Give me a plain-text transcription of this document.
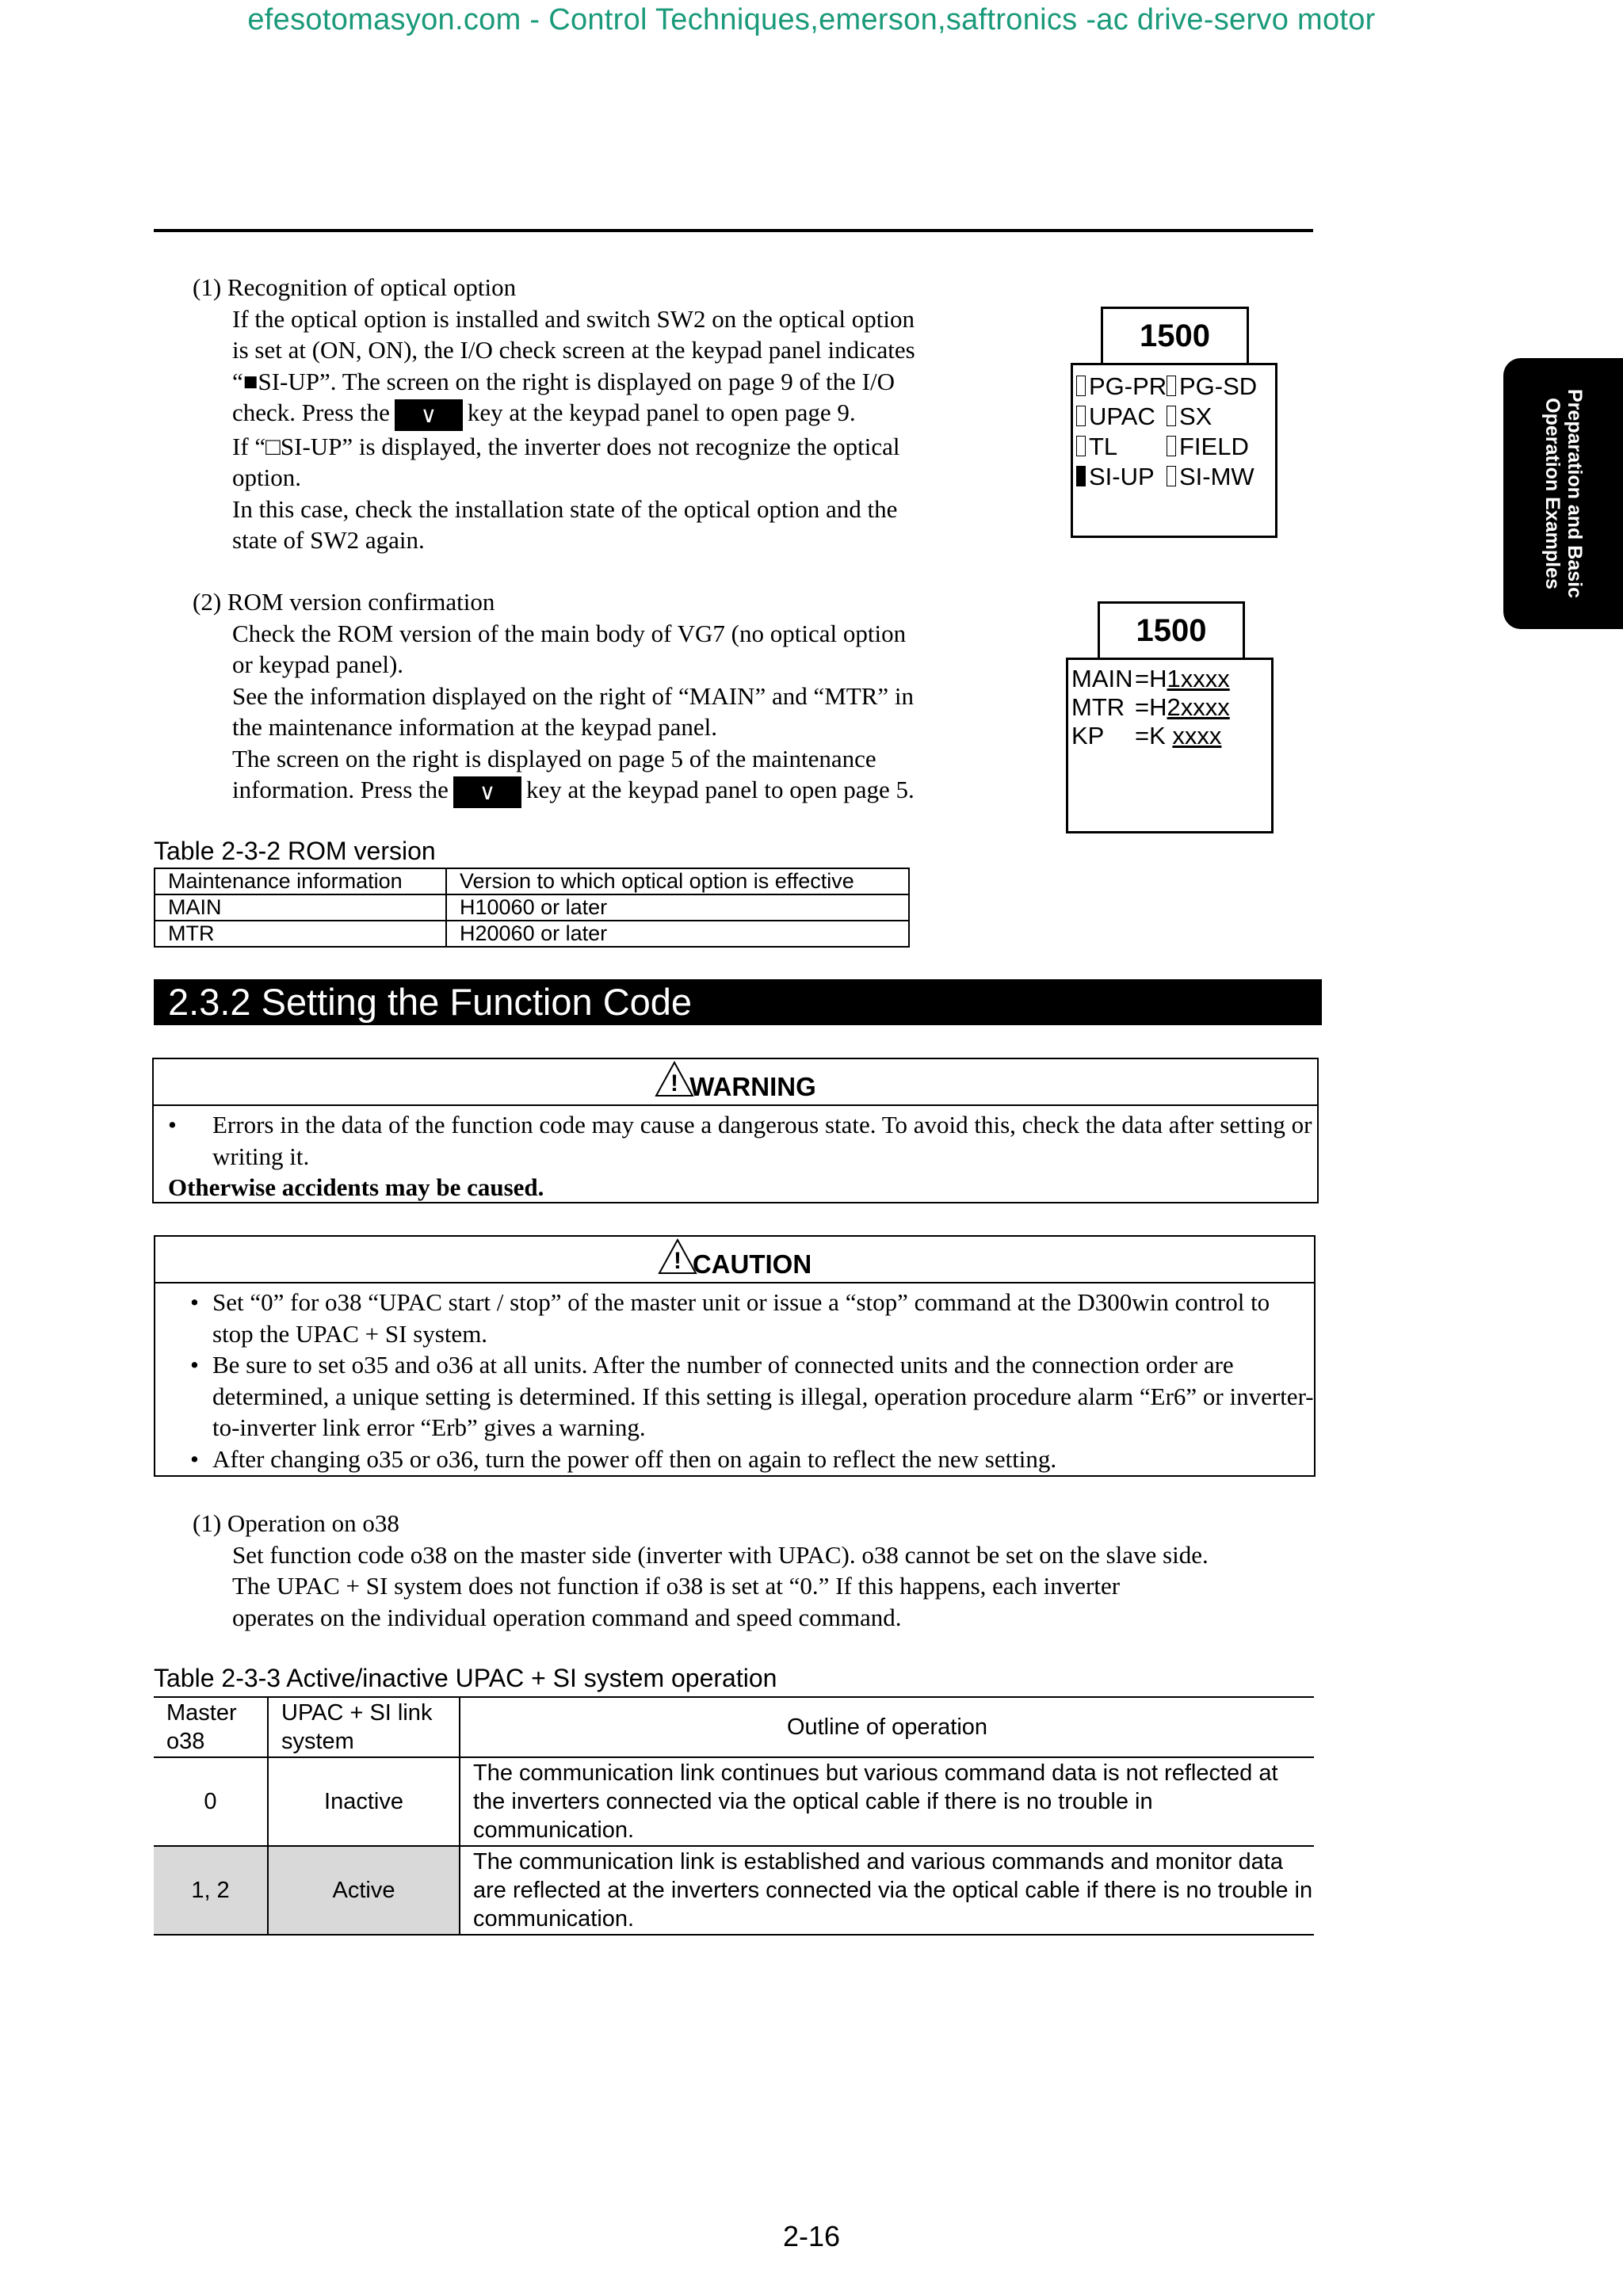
efesotomasyon.com - Control Techniques,emerson,saftronics -ac drive-servo motor
Preparation and Basic
Operation Examples

(1) Recognition of optical option

If the optical option is installed and switch SW2 on the optical option

is set at (ON, ON), the I/O check screen at the keypad panel indicates

“■SI-UP”. The screen on the right is displayed on page 9 of the I/O

check. Press the ∨ key at the keypad panel to open page 9.

If “□SI-UP” is displayed, the inverter does not recognize the optical

option.

In this case, check the installation state of the optical option and the

state of SW2 again.

1500
PG-PR PG-SD
UPAC SX
TL	FIELD
SI-UP SI-MW

(2) ROM version confirmation

Check the ROM version of the main body of VG7 (no optical option

or keypad panel).

See the information displayed on the right of “MAIN” and “MTR” in

the maintenance information at the keypad panel.

The screen on the right is displayed on page 5 of the maintenance

information. Press the ∨ key at the keypad panel to open page 5.

1500
MAIN=H1xxxx
MTR =H2xxxx
KP =K xxxx
Table 2-3-2 ROM version
Maintenance information	Version to which optical option is effective
MAIN	H10060 or later
MTR	H20060 or later
2.3.2 Setting the Function Code
! WARNING

• Errors in the data of the function code may cause a dangerous state. To avoid this, check the data after setting or writing it.

Otherwise accidents may be caused.

! CAUTION

• Set “0” for o38 “UPAC start / stop” of the master unit or issue a “stop” command at the D300win control to stop the UPAC + SI system.

• Be sure to set o35 and o36 at all units. After the number of connected units and the connection order are determined, a unique setting is determined. If this setting is illegal, operation procedure alarm “Er6” or inverter-to-inverter link error “Erb” gives a warning.

• After changing o35 or o36, turn the power off then on again to reflect the new setting.

(1) Operation on o38

Set function code o38 on the master side (inverter with UPAC). o38 cannot be set on the slave side.

The UPAC + SI system does not function if o38 is set at “0.” If this happens, each inverter

operates on the individual operation command and speed command.

Table 2-3-3 Active/inactive UPAC + SI system operation
Master o38	UPAC + SI link system	Outline of operation
0	Inactive	The communication link continues but various command data is not reflected at the inverters connected via the optical cable if there is no trouble in communication.
1, 2	Active	The communication link is established and various commands and monitor data are reflected at the inverters connected via the optical cable if there is no trouble in communication.
2-16
